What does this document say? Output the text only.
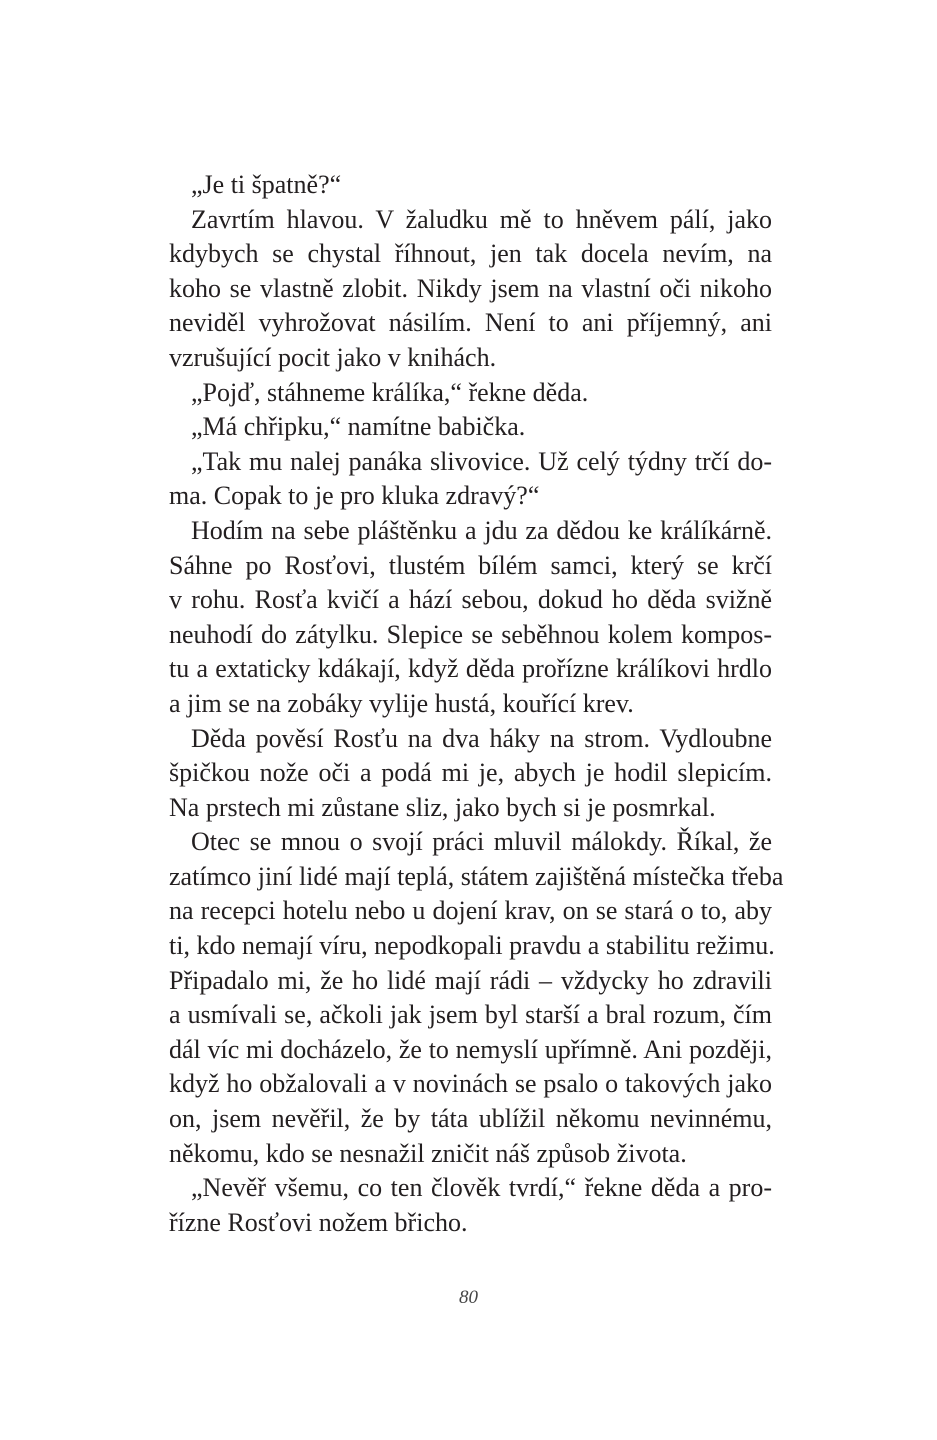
„Je ti špatně?“
Zavrtím hlavou. V žaludku mě to hněvem pálí, jako
kdybych se chystal říhnout, jen tak docela nevím, na
koho se vlastně zlobit. Nikdy jsem na vlastní oči nikoho
neviděl vyhrožovat násilím. Není to ani příjemný, ani
vzrušující pocit jako v knihách.
„Pojď, stáhneme králíka,“ řekne děda.
„Má chřipku,“ namítne babička.
„Tak mu nalej panáka slivovice. Už celý týdny trčí do-
ma. Copak to je pro kluka zdravý?“
Hodím na sebe pláštěnku a jdu za dědou ke králíkárně.
Sáhne po Rosťovi, tlustém bílém samci, který se krčí
v rohu. Rosťa kvičí a hází sebou, dokud ho děda svižně
neuhodí do zátylku. Slepice se seběhnou kolem kompos-
tu a extaticky kdákají, když děda prořízne králíkovi hrdlo
a jim se na zobáky vylije hustá, kouřící krev.
Děda pověsí Rosťu na dva háky na strom. Vydloubne
špičkou nože oči a podá mi je, abych je hodil slepicím.
Na prstech mi zůstane sliz, jako bych si je posmrkal.
Otec se mnou o svojí práci mluvil málokdy. Říkal, že
zatímco jiní lidé mají teplá, státem zajištěná místečka třeba
na recepci hotelu nebo u dojení krav, on se stará o to, aby
ti, kdo nemají víru, nepodkopali pravdu a stabilitu režimu.
Připadalo mi, že ho lidé mají rádi – vždycky ho zdravili
a usmívali se, ačkoli jak jsem byl starší a bral rozum, čím
dál víc mi docházelo, že to nemyslí upřímně. Ani později,
když ho obžalovali a v novinách se psalo o takových jako
on, jsem nevěřil, že by táta ublížil někomu nevinnému,
někomu, kdo se nesnažil zničit náš způsob života.
„Nevěř všemu, co ten člověk tvrdí,“ řekne děda a pro-
řízne Rosťovi nožem břicho.
80
